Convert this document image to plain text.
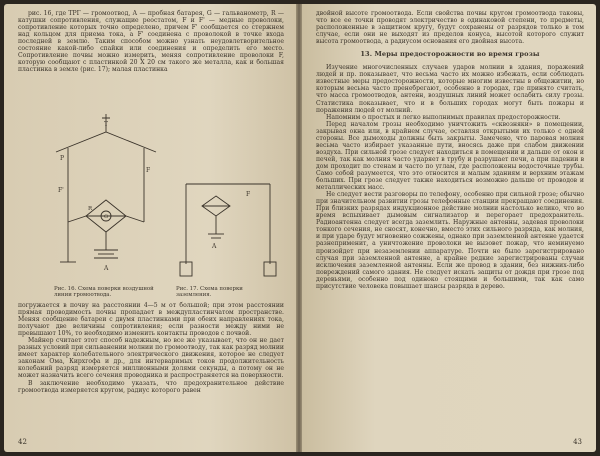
рис. 16, где ТРГ — громоотвод, А — пробная батарея, G — гальванометр, R — катушки сопротивления, служащие реостатом, F и F' — медные проволоки, сопротивление которых точно определено, причем F' сообщается со стержнем над кольцом для приема тока, а F' соединена с проволокой в точке входа последней в землю. Таким способом можно узнать неудовлетворительное состояние какой-либо спайки или соединения и определить его место. Сопротивление почвы можно измерить, меняя сопротивление проволоки F, которую сообщают с пластинкой 20 X 20 см такого же металла, как и большая пластинка в земле (рис. 17); малая пластинка

T
P
F
F'
R
G
A
A
F

Рис. 16. Схема поверки воздушной линии громоотвода.

Рис. 17. Схема поверки заземления.

погружается в почву на расстоянии 4—5 м от большой; при этом расстоянии прямая проводимость почвы пропадает в междупластинчатом пространстве. Меняя сообщение батареи с двумя пластинками при обеих направлениях тока, получают две величины сопротивления; если разности между ними не превышают 10%, то необходимо изменить контакты проводов с почвой.

Майнер считает этот способ надежным, но все же указывает, что он не дает разных условий при сильванении молнии по громоотводу, так как разряд молнии имеет характер колебательного электрического движения, которое не следует законам Ома, Кирхгофа и др., для интерваримых токов продолжительность колебаний разряд измеряется миллионными долями секунды, а потому он не может назначить всего сечения проводника и распространяется на поверхности.

В заключение необходимо указать, что предохранительное действие громоотвода измеряется кругом, радиус которого равен

42

двойной высоте громоотвода. Если свойства почвы кругом громоотвода таковы, что все ее точки проводят электричество в одинаковой степени, то предметы, расположенные в защитном кругу, будут сохранены от разрядов только в том случае, если они не выходят из пределов конуса, высотой которого служит высота громоотвода, а радиусом основания его двойная высота.

13. Меры предосторожности во время грозы

Изучение многочисленных случаев ударов молнии в здания, поражений людей и пр. показывает, что весьма часто их можно избежать, если соблюдать известные меры предосторожности, которые многим известны в общежитии, но которым весьма часто пренебрегают, особенно в городах, где принято считать, что масса громоотводов, антенн, воздушных линий может ослабить силу грозы. Статистика показывает, что и в больших городах могут быть пожары и поражения людей от молний.

Напомним о простых и легко выполнимых правилах предосторожности.

Перед началом грозы необходимо уничтожить «сквозняки» в помещении, закрывая окна или, в крайнем случае, оставляя открытыми их только с одной стороны. Все дымоходы должны быть закрыты. Замечено, что паровая молния весьма часто избирает указанные пути, вносясь даже при слабом движении воздуха. При сильной грозе следует находиться в помещении и дальше от окон и печей, так как молния часто ударяет в трубу и разрушает печи, а при падении в дом проходит по стенам и часто по углам, где расположены водосточные трубы. Само собой разумеется, что это относится и малым зданиям и верхним этажам больших. При грозе следует также находиться возможно дальше от проводов и металлических масс.

Не следует вести разговоры по телефону, особенно при сильной грозе; обычно при значительном развитии грозы телефонные станции прекращают соединения. При близких разрядах индукционное действие молнии настолько велико, что во время вспыхивает дымовым сигнализатор и перегорает предохранитель. Радиоантенна следует всегда заземлить. Наружные антенны, задевая проволоки тонкого сечения, не сносят, конечно, вместо этих сильного разряда, как молния, и при ударе будут мгновенно сожжены, однако при заземленной антенне удается разнеприменит, а уничтожение проволоки не вызовет пожар, что неминуемо произойдет при незаземлении аппаратуре. Почти не было зарегистрировано случая при заземленной антенне, а крайне редкие зарегистрированы случаи исключения заземленной антенны. Если же провод в здании, без нижних-либо повреждений самого здания. Не следует искать защиты от дождя при грозе под деревьями, особенно под одиноко стоящими и большими, так как само присутствие человека повышает шансы разряда в дерево.

43
